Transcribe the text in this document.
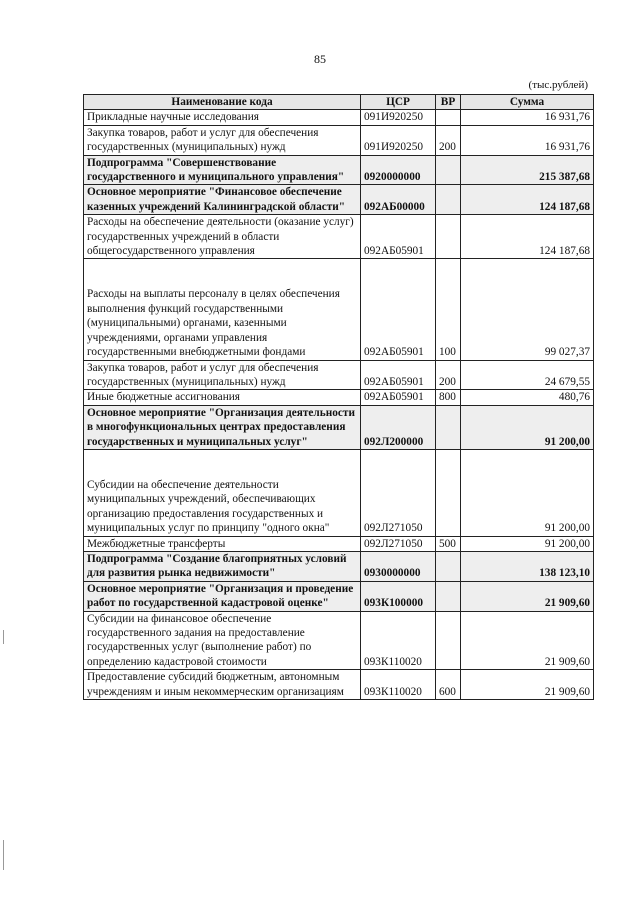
85
(тыс.рублей)
Наименование кода	ЦСР	ВР	Сумма
Прикладные научные исследования	091И920250		16 931,76
Закупка товаров, работ и услуг для обеспечения государственных (муниципальных) нужд	091И920250	200	16 931,76
Подпрограмма "Совершенствование государственного и муниципального управления"	0920000000		215 387,68
Основное мероприятие "Финансовое обеспечение казенных учреждений Калининградской области"	092АБ00000		124 187,68
Расходы на обеспечение деятельности (оказание услуг) государственных учреждений в области общегосударственного управления	092АБ05901		124 187,68
Расходы на выплаты персоналу в целях обеспечения выполнения функций государственными (муниципальными) органами, казенными учреждениями, органами управления государственными внебюджетными фондами	092АБ05901	100	99 027,37
Закупка товаров, работ и услуг для обеспечения государственных (муниципальных) нужд	092АБ05901	200	24 679,55
Иные бюджетные ассигнования	092АБ05901	800	480,76
Основное мероприятие "Организация деятельности в многофункциональных центрах предоставления государственных и муниципальных услуг"	092Л200000		91 200,00
Субсидии на обеспечение деятельности муниципальных учреждений, обеспечивающих организацию предоставления государственных и муниципальных услуг по принципу "одного окна"	092Л271050		91 200,00
Межбюджетные трансферты	092Л271050	500	91 200,00
Подпрограмма "Создание благоприятных условий для развития рынка недвижимости"	0930000000		138 123,10
Основное мероприятие "Организация и проведение работ по государственной кадастровой оценке"	093К100000		21 909,60
Субсидии на финансовое обеспечение государственного задания на предоставление государственных услуг (выполнение работ) по определению кадастровой стоимости	093К110020		21 909,60
Предоставление субсидий бюджетным, автономным учреждениям и иным некоммерческим организациям	093К110020	600	21 909,60
